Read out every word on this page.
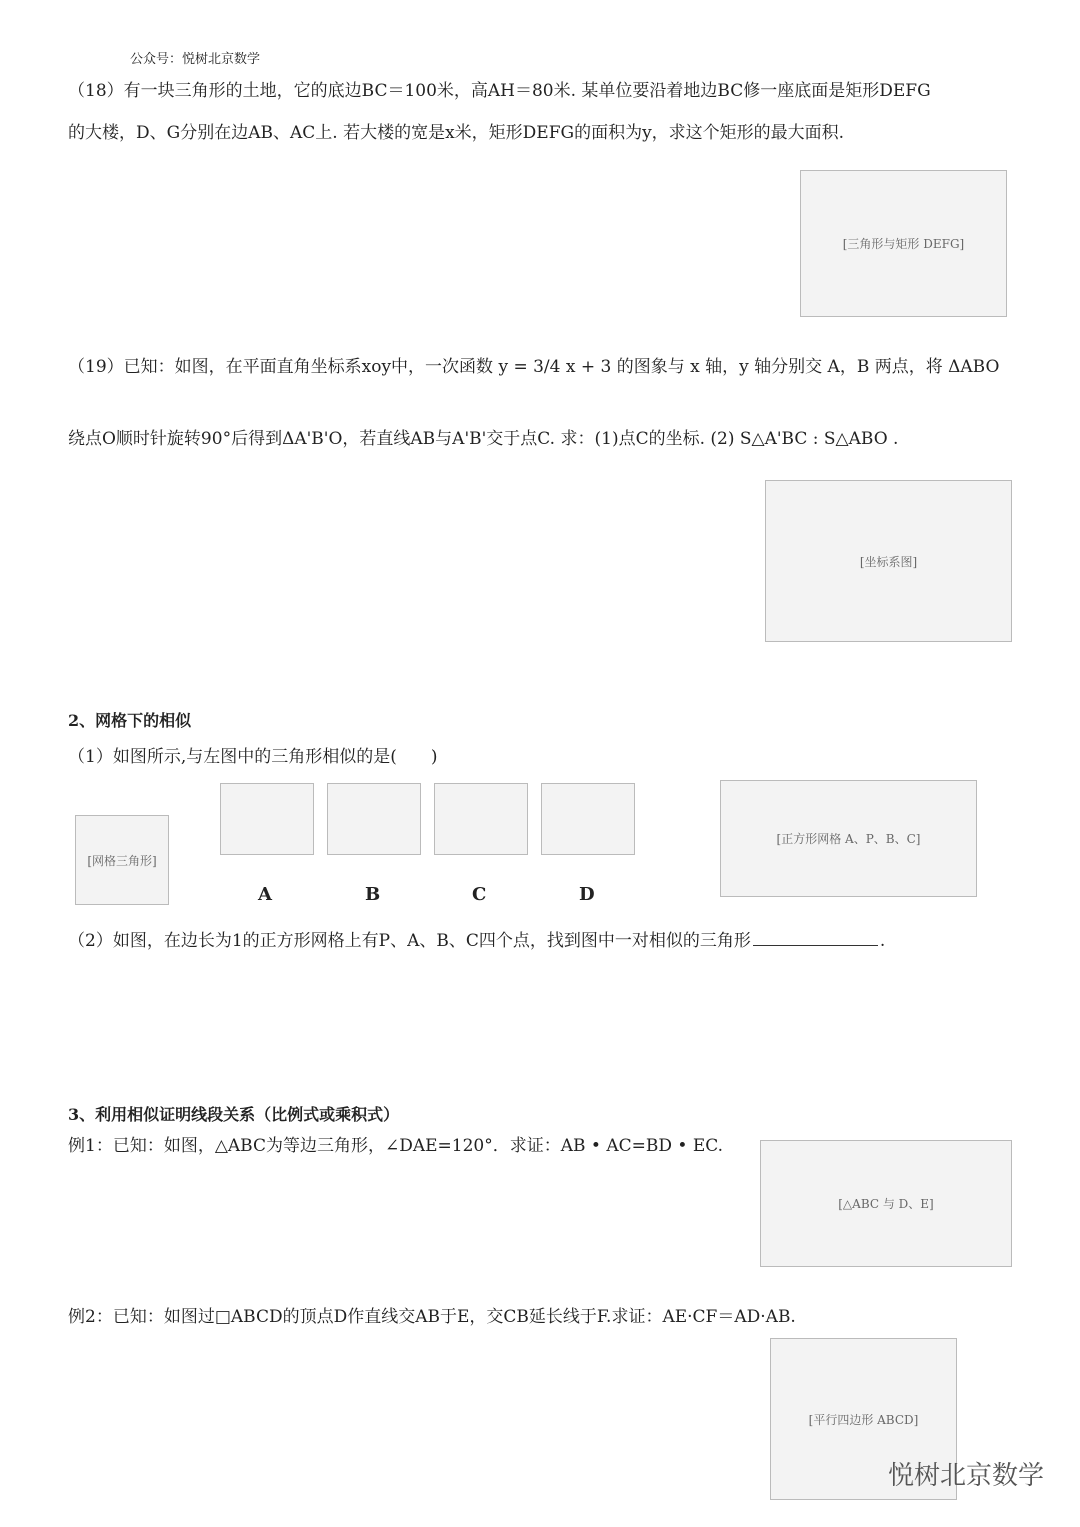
公众号：悦树北京数学
（18）有一块三角形的土地，它的底边BC＝100米，高AH＝80米. 某单位要沿着地边BC修一座底面是矩形DEFG
的大楼，D、G分别在边AB、AC上. 若大楼的宽是x米，矩形DEFG的面积为y，求这个矩形的最大面积.
[三角形与矩形 DEFG]
（19）已知：如图，在平面直角坐标系xoy中，一次函数 y = 3/4 x + 3 的图象与 x 轴，y 轴分别交 A，B 两点，将 ΔABO
绕点O顺时针旋转90°后得到ΔA'B'O，若直线AB与A'B'交于点C. 求：(1)点C的坐标. (2) S△A'BC : S△ABO .
[坐标系图]
2、网格下的相似
（1）如图所示,与左图中的三角形相似的是(　　)
[网格三角形]
A	B	C	D
[正方形网格 A、P、B、C]
（2）如图，在边长为1的正方形网格上有P、A、B、C四个点，找到图中一对相似的三角形	.
3、利用相似证明线段关系（比例式或乘积式）
例1：已知：如图，△ABC为等边三角形，∠DAE=120°．求证：AB • AC=BD • EC.
[△ABC 与 D、E]
例2：已知：如图过□ABCD的顶点D作直线交AB于E，交CB延长线于F.求证：AE·CF＝AD·AB.
[平行四边形 ABCD]
悦树北京数学
